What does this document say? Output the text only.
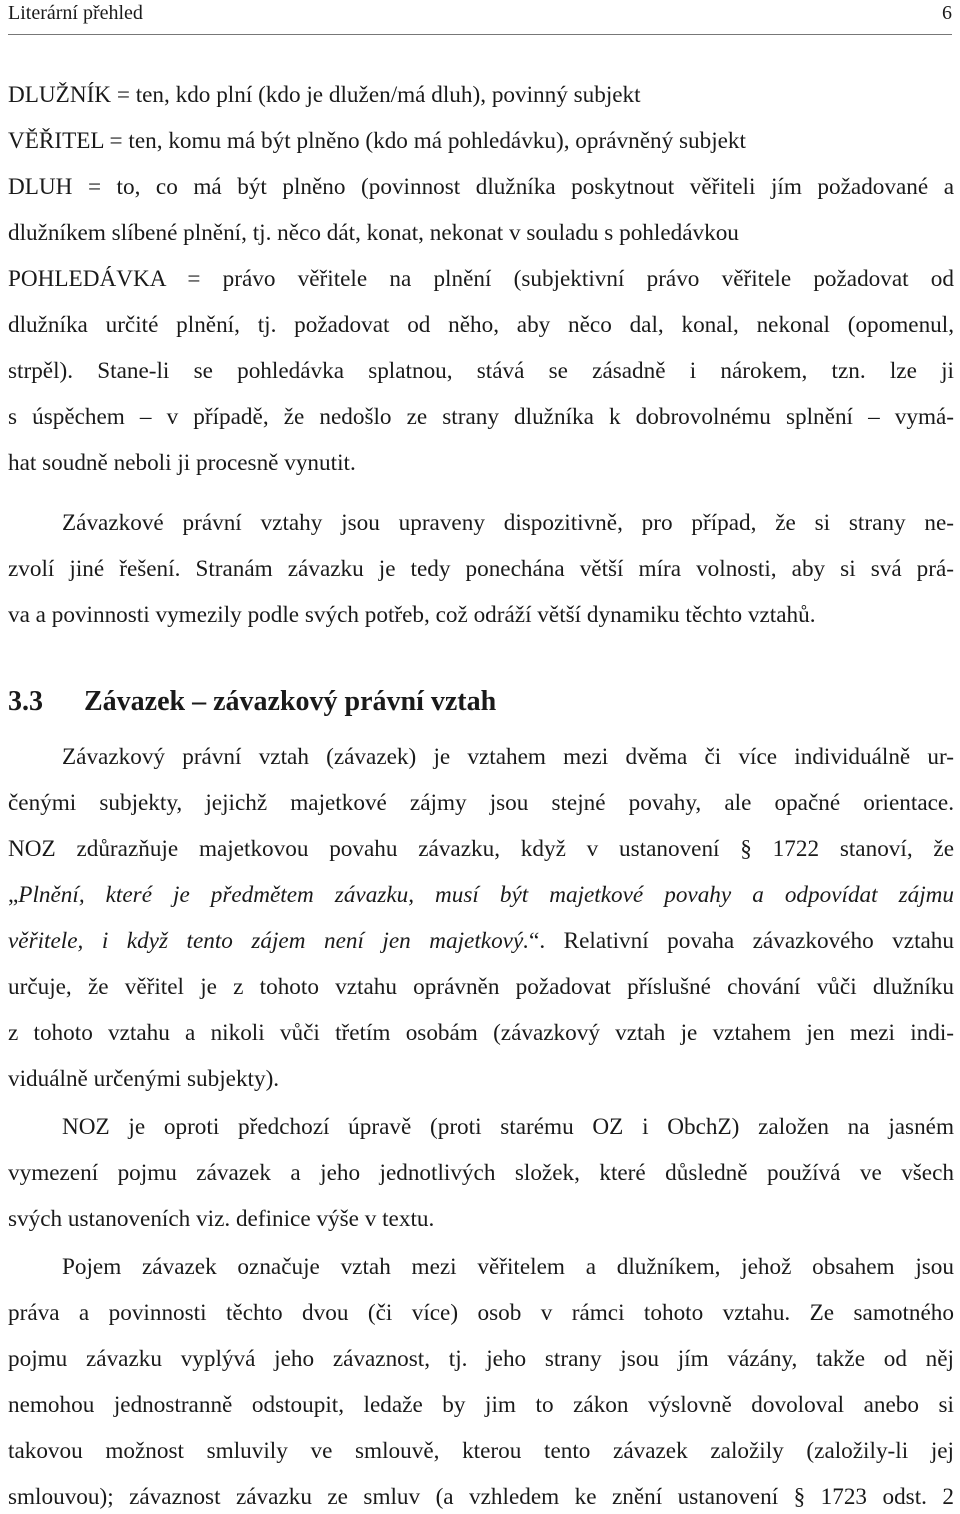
Literární přehled	6
DLUŽNÍK = ten, kdo plní (kdo je dlužen/má dluh), povinný subjekt
VĚŘITEL = ten, komu má být plněno (kdo má pohledávku), oprávněný subjekt
DLUH = to, co má být plněno (povinnost dlužníka poskytnout věřiteli jím požadované a
dlužníkem slíbené plnění, tj. něco dát, konat, nekonat v souladu s pohledávkou
POHLEDÁVKA = právo věřitele na plnění (subjektivní právo věřitele požadovat od
dlužníka určité plnění, tj. požadovat od něho, aby něco dal, konal, nekonal (opomenul,
strpěl). Stane-li se pohledávka splatnou, stává se zásadně i nárokem, tzn. lze ji
s úspěchem – v případě, že nedošlo ze strany dlužníka k dobrovolnému splnění – vymá-
hat soudně neboli ji procesně vynutit.
Závazkové právní vztahy jsou upraveny dispozitivně, pro případ, že si strany ne-
zvolí jiné řešení. Stranám závazku je tedy ponechána větší míra volnosti, aby si svá prá-
va a povinnosti vymezily podle svých potřeb, což odráží větší dynamiku těchto vztahů.
3.3 Závazek – závazkový právní vztah
Závazkový právní vztah (závazek) je vztahem mezi dvěma či více individuálně ur-
čenými subjekty, jejichž majetkové zájmy jsou stejné povahy, ale opačné orientace.
NOZ zdůrazňuje majetkovou povahu závazku, když v ustanovení § 1722 stanoví, že
„Plnění, které je předmětem závazku, musí být majetkové povahy a odpovídat zájmu
věřitele, i když tento zájem není jen majetkový.“. Relativní povaha závazkového vztahu
určuje, že věřitel je z tohoto vztahu oprávněn požadovat příslušné chování vůči dlužníku
z tohoto vztahu a nikoli vůči třetím osobám (závazkový vztah je vztahem jen mezi indi-
viduálně určenými subjekty).
NOZ je oproti předchozí úpravě (proti starému OZ i ObchZ) založen na jasném
vymezení pojmu závazek a jeho jednotlivých složek, které důsledně používá ve všech
svých ustanoveních viz. definice výše v textu.
Pojem závazek označuje vztah mezi věřitelem a dlužníkem, jehož obsahem jsou
práva a povinnosti těchto dvou (či více) osob v rámci tohoto vztahu. Ze samotného
pojmu závazku vyplývá jeho závaznost, tj. jeho strany jsou jím vázány, takže od něj
nemohou jednostranně odstoupit, ledaže by jim to zákon výslovně dovoloval anebo si
takovou možnost smluvily ve smlouvě, kterou tento závazek založily (založily-li jej
smlouvou); závaznost závazku ze smluv (a vzhledem ke znění ustanovení § 1723 odst. 2
